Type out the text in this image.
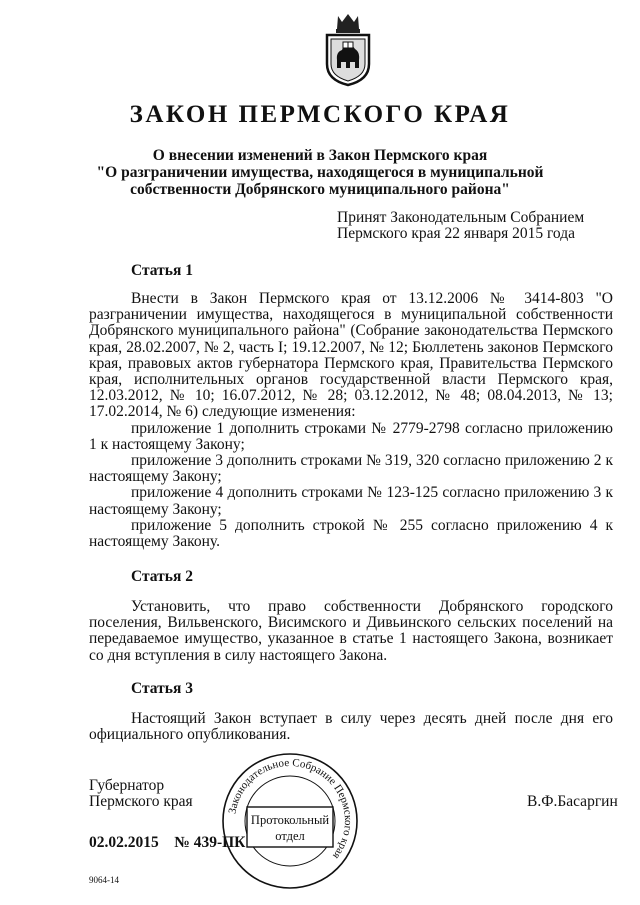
ЗАКОН ПЕРМСКОГО КРАЯ
О внесении изменений в Закон Пермского края
"О разграничении имущества, находящегося в муниципальной
собственности Добрянского муниципального района"
Принят Законодательным Собранием
Пермского края 22 января 2015 года
Статья 1

Внести в Закон Пермского края от 13.12.2006 № 3414-803 "О разграничении имущества, находящегося в муниципальной собственности Добрянского муниципального района" (Собрание законодательства Пермского края, 28.02.2007, № 2, часть I; 19.12.2007, № 12; Бюллетень законов Пермского края, правовых актов губернатора Пермского края, Правительства Пермского края, исполнительных органов государственной власти Пермского края, 12.03.2012, № 10; 16.07.2012, № 28; 03.12.2012, № 48; 08.04.2013, № 13; 17.02.2014, № 6) следующие изменения:

приложение 1 дополнить строками № 2779-2798 согласно приложению 1 к настоящему Закону;

приложение 3 дополнить строками № 319, 320 согласно приложению 2 к настоящему Закону;

приложение 4 дополнить строками № 123-125 согласно приложению 3 к настоящему Закону;

приложение 5 дополнить строкой № 255 согласно приложению 4 к настоящему Закону.

Статья 2

Установить, что право собственности Добрянского городского поселения, Вильвенского, Висимского и Дивьинского сельских поселений на передаваемое имущество, указанное в статье 1 настоящего Закона, возникает со дня вступления в силу настоящего Закона.

Статья 3

Настоящий Закон вступает в силу через десять дней после дня его официального опубликования.

Губернатор
Пермского края	В.Ф.Басаргин
02.02.2015 № 439-ПК
9064-14
Законодательное Собрание Пермского края
Протокольный
отдел
